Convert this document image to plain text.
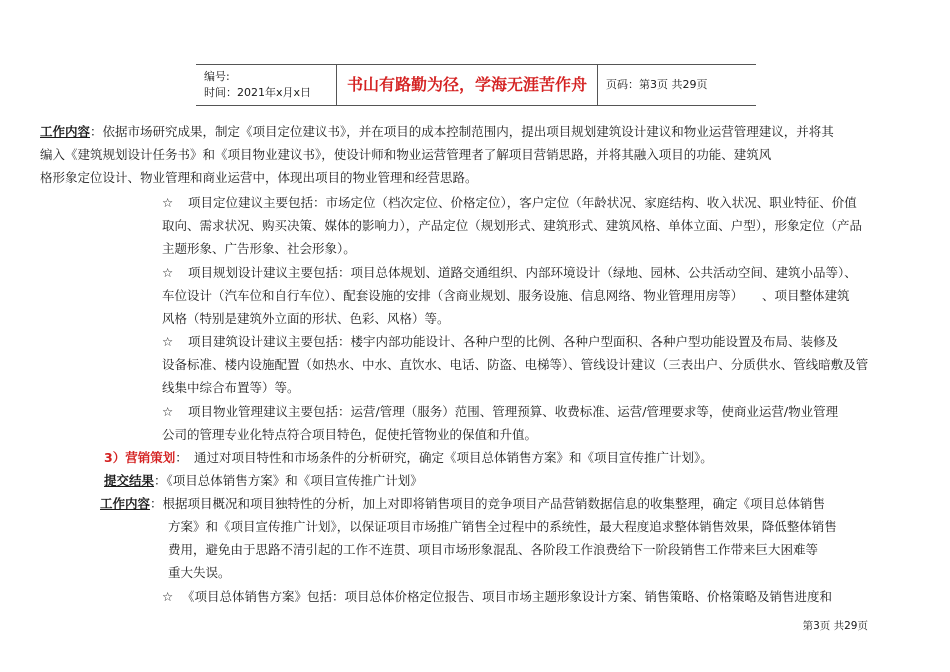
编号:
时间：2021年x月x日	书山有路勤为径，学海无涯苦作舟	页码：第3页 共29页
工作内容：依据市场研究成果，制定《项目定位建议书》，并在项目的成本控制范围内，提出项目规划建筑设计建议和物业运营管理建议，并将其
编入《建筑规划设计任务书》和《项目物业建议书》，使设计师和物业运营管理者了解项目营销思路，并将其融入项目的功能、建筑风
格形象定位设计、物业管理和商业运营中，体现出项目的物业管理和经营思路。
☆ 项目定位建议主要包括：市场定位（档次定位、价格定位），客户定位（年龄状况、家庭结构、收入状况、职业特征、价值
取向、需求状况、购买决策、媒体的影响力），产品定位（规划形式、建筑形式、建筑风格、单体立面、户型），形象定位（产品
主题形象、广告形象、社会形象）。
☆ 项目规划设计建议主要包括：项目总体规划、道路交通组织、内部环境设计（绿地、园林、公共活动空间、建筑小品等）、
车位设计（汽车位和自行车位）、配套设施的安排（含商业规划、服务设施、信息网络、物业管理用房等）　　、项目整体建筑
风格（特别是建筑外立面的形状、色彩、风格）等。
☆ 项目建筑设计建议主要包括：楼宇内部功能设计、各种户型的比例、各种户型面积、各种户型功能设置及布局、装修及
设备标准、楼内设施配置（如热水、中水、直饮水、电话、防盗、电梯等）、管线设计建议（三表出户、分质供水、管线暗敷及管
线集中综合布置等）等。
☆ 项目物业管理建议主要包括：运营/管理（服务）范围、管理预算、收费标准、运营/管理要求等，使商业运营/物业管理
公司的管理专业化特点符合项目特色，促使托管物业的保值和升值。
3）营销策划：　通过对项目特性和市场条件的分析研究，确定《项目总体销售方案》和《项目宣传推广计划》。
提交结果：《项目总体销售方案》和《项目宣传推广计划》
工作内容：根据项目概况和项目独特性的分析，加上对即将销售项目的竞争项目产品营销数据信息的收集整理，确定《项目总体销售
方案》和《项目宣传推广计划》，以保证项目市场推广销售全过程中的系统性，最大程度追求整体销售效果，降低整体销售
费用，避免由于思路不清引起的工作不连贯、项目市场形象混乱、各阶段工作浪费给下一阶段销售工作带来巨大困难等
重大失误。
☆ 《项目总体销售方案》包括：项目总体价格定位报告、项目市场主题形象设计方案、销售策略、价格策略及销售进度和
第3页 共29页
